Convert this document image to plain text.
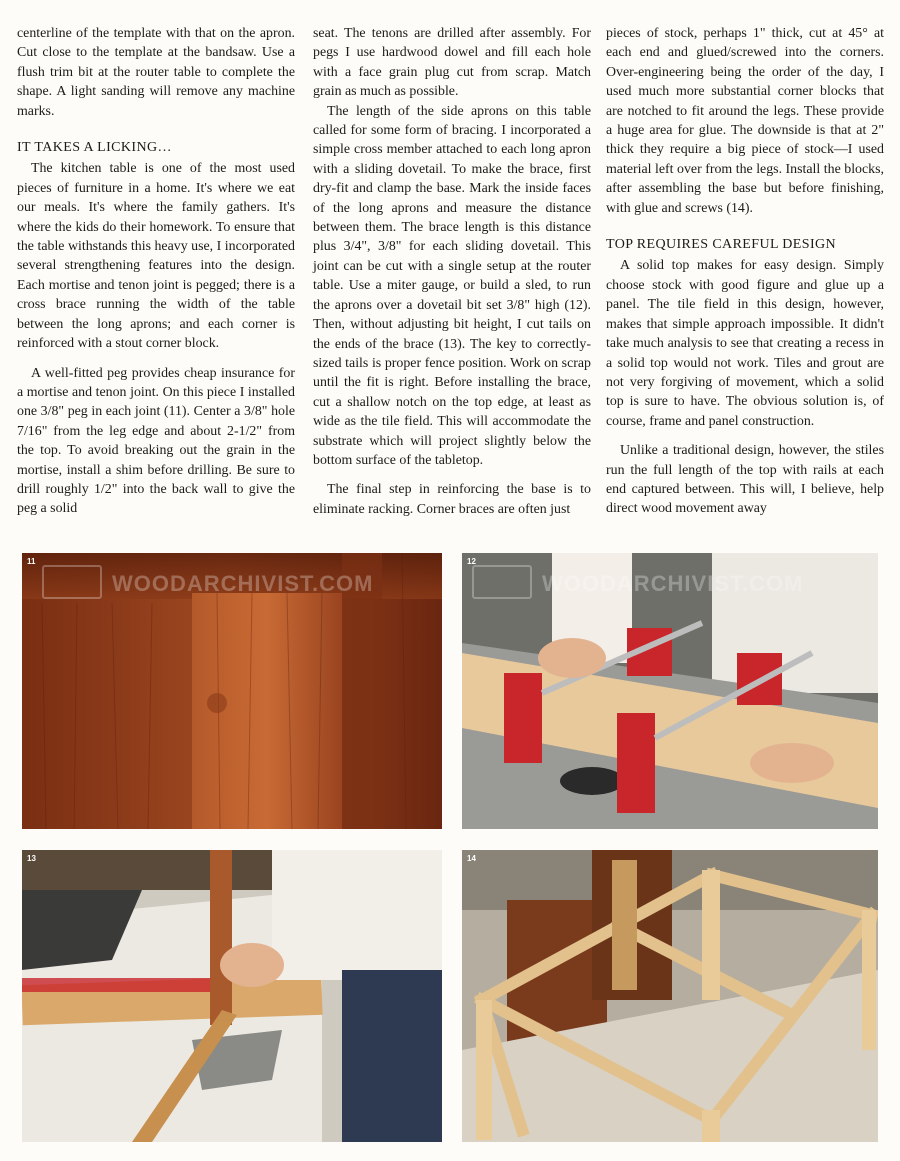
centerline of the template with that on the apron. Cut close to the template at the bandsaw. Use a flush trim bit at the router table to complete the shape. A light sanding will remove any machine marks.

IT TAKES A LICKING…

The kitchen table is one of the most used pieces of furniture in a home. It's where we eat our meals. It's where the family gathers. It's where the kids do their homework. To ensure that the table withstands this heavy use, I incorporated several strengthening features into the design. Each mortise and tenon joint is pegged; there is a cross brace running the width of the table between the long aprons; and each corner is reinforced with a stout corner block.

A well-fitted peg provides cheap insurance for a mortise and tenon joint. On this piece I installed one 3/8" peg in each joint (11). Center a 3/8" hole 7/16" from the leg edge and about 2-1/2" from the top. To avoid breaking out the grain in the mortise, install a shim before drilling. Be sure to drill roughly 1/2" into the back wall to give the peg a solid

seat. The tenons are drilled after assembly. For pegs I use hardwood dowel and fill each hole with a face grain plug cut from scrap. Match grain as much as possible.

The length of the side aprons on this table called for some form of bracing. I incorporated a simple cross member attached to each long apron with a sliding dovetail. To make the brace, first dry-fit and clamp the base. Mark the inside faces of the long aprons and measure the distance between them. The brace length is this distance plus 3/4", 3/8" for each sliding dovetail. This joint can be cut with a single setup at the router table. Use a miter gauge, or build a sled, to run the aprons over a dovetail bit set 3/8" high (12). Then, without adjusting bit height, I cut tails on the ends of the brace (13). The key to correctly-sized tails is proper fence position. Work on scrap until the fit is right. Before installing the brace, cut a shallow notch on the top edge, at least as wide as the tile field. This will accommodate the substrate which will project slightly below the bottom surface of the tabletop.

The final step in reinforcing the base is to eliminate racking. Corner braces are often just

pieces of stock, perhaps 1" thick, cut at 45° at each end and glued/screwed into the corners. Over-engineering being the order of the day, I used much more substantial corner blocks that are notched to fit around the legs. These provide a huge area for glue. The downside is that at 2" thick they require a big piece of stock—I used material left over from the legs. Install the blocks, after assembling the base but before finishing, with glue and screws (14).

TOP REQUIRES CAREFUL DESIGN

A solid top makes for easy design. Simply choose stock with good figure and glue up a panel. The tile field in this design, however, makes that simple approach impossible. It didn't take much analysis to see that creating a recess in a solid top would not work. Tiles and grout are not very forgiving of movement, which a solid top is sure to have. The obvious solution is, of course, frame and panel construction.

Unlike a traditional design, however, the stiles run the full length of the top with rails at each end captured between. This will, I believe, help direct wood movement away

11
WOODARCHIVIST.COM
12
WOODARCHIVIST.COM
13	14
